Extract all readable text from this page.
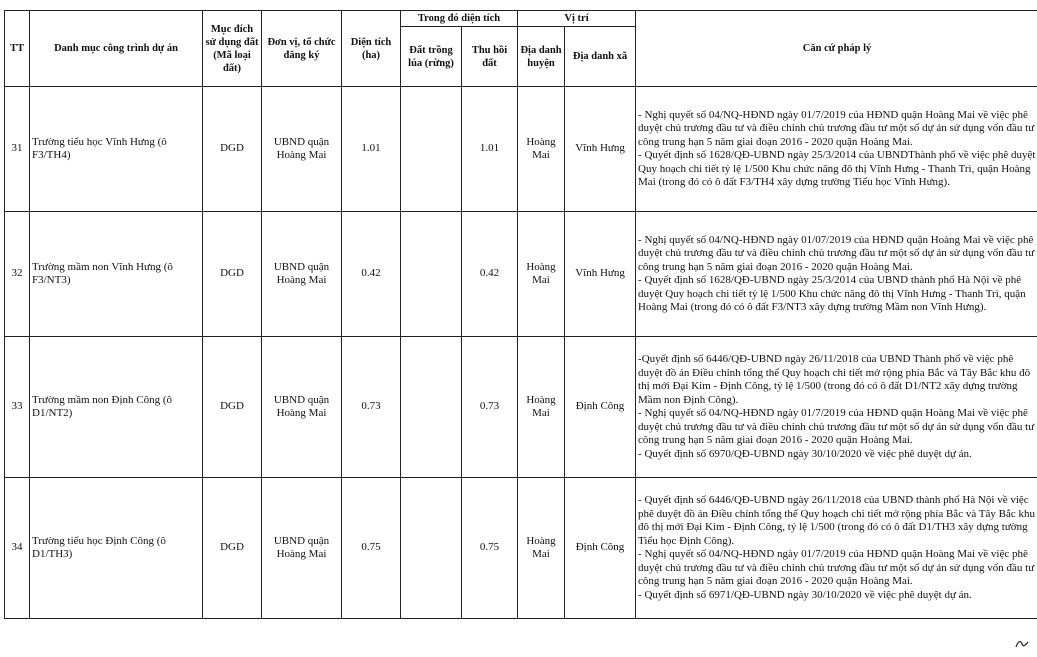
TT	Danh mục công trình dự án	Mục đích sử dụng đất (Mã loại đất)	Đơn vị, tổ chức đăng ký	Diện tích (ha)	Trong đó diện tích		Vị trí		Căn cứ pháp lý
					Đất trồng lúa (rừng)	Thu hồi đất	Địa danh huyện	Địa danh xã	
31	Trường tiểu học Vĩnh Hưng (ô F3/TH4)	DGD	UBND quận Hoàng Mai	1.01		1.01	Hoàng Mai	Vĩnh Hưng	- Nghị quyết số 04/NQ-HĐND ngày 01/7/2019 của HĐND quận Hoàng Mai về việc phê duyệt chủ trương đầu tư và điều chỉnh chủ trương đầu tư một số dự án sử dụng vốn đầu tư công trung hạn 5 năm giai đoạn 2016 - 2020 quận Hoàng Mai.

- Quyết định số 1628/QĐ-UBND ngày 25/3/2014 của UBNDThành phố về việc phê duyệt Quy hoạch chi tiết tỷ lệ 1/500 Khu chức năng đô thị Vĩnh Hưng - Thanh Trì, quận Hoàng Mai (trong đó có ô đất F3/TH4 xây dựng trường Tiểu học Vĩnh Hưng).

32	Trường mầm non Vĩnh Hưng (ô F3/NT3)	DGD	UBND quận Hoàng Mai	0.42		0.42	Hoàng Mai	Vĩnh Hưng	- Nghị quyết số 04/NQ-HĐND ngày 01/07/2019 của HĐND quận Hoàng Mai về việc phê duyệt chủ trương đầu tư và điều chỉnh chủ trương đầu tư một số dự án sử dụng vốn đầu tư công trung hạn 5 năm giai đoạn 2016 - 2020 quận Hoàng Mai.

- Quyết định số 1628/QĐ-UBND ngày 25/3/2014 của UBND thành phố Hà Nội về phê duyệt Quy hoạch chi tiết tỷ lệ 1/500 Khu chức năng đô thị Vĩnh Hưng - Thanh Trì, quận Hoàng Mai (trong đó có ô đất F3/NT3 xây dựng trường Mầm non Vĩnh Hưng).

33	Trường mầm non Định Công (ô D1/NT2)	DGD	UBND quận Hoàng Mai	0.73		0.73	Hoàng Mai	Định Công	-Quyết định số 6446/QĐ-UBND ngày 26/11/2018 của UBND Thành phố về việc phê duyệt đồ án Điều chỉnh tổng thể Quy hoạch chi tiết mở rộng phía Bắc và Tây Bắc khu đô thị mới Đại Kim - Định Công, tỷ lệ 1/500 (trong đó có ô đất D1/NT2 xây dựng trường Mầm non Định Công).

- Nghị quyết số 04/NQ-HĐND ngày 01/7/2019 của HĐND quận Hoàng Mai về việc phê duyệt chủ trương đầu tư và điều chỉnh chủ trương đầu tư một số dự án sử dụng vốn đầu tư công trung hạn 5 năm giai đoạn 2016 - 2020 quận Hoàng Mai.

- Quyết định số 6970/QĐ-UBND ngày 30/10/2020 về việc phê duyệt dự án.

34	Trường tiểu học Định Công (ô D1/TH3)	DGD	UBND quận Hoàng Mai	0.75		0.75	Hoàng Mai	Định Công	- Quyết định số 6446/QĐ-UBND ngày 26/11/2018 của UBND thành phố Hà Nội về việc phê duyệt đồ án Điều chỉnh tổng thể Quy hoạch chi tiết mở rộng phía Bắc và Tây Bắc khu đô thị mới Đại Kim - Định Công, tỷ lệ 1/500 (trong đó có ô đất D1/TH3 xây dựng tường Tiểu học Định Công).

- Nghị quyết số 04/NQ-HĐND ngày 01/7/2019 của HĐND quận Hoàng Mai về việc phê duyệt chủ trương đầu tư và điều chỉnh chủ trương đầu tư một số dự án sử dụng vốn đầu tư công trung hạn 5 năm giai đoạn 2016 - 2020 quận Hoàng Mai.

- Quyết định số 6971/QĐ-UBND ngày 30/10/2020 về việc phê duyệt dự án.
